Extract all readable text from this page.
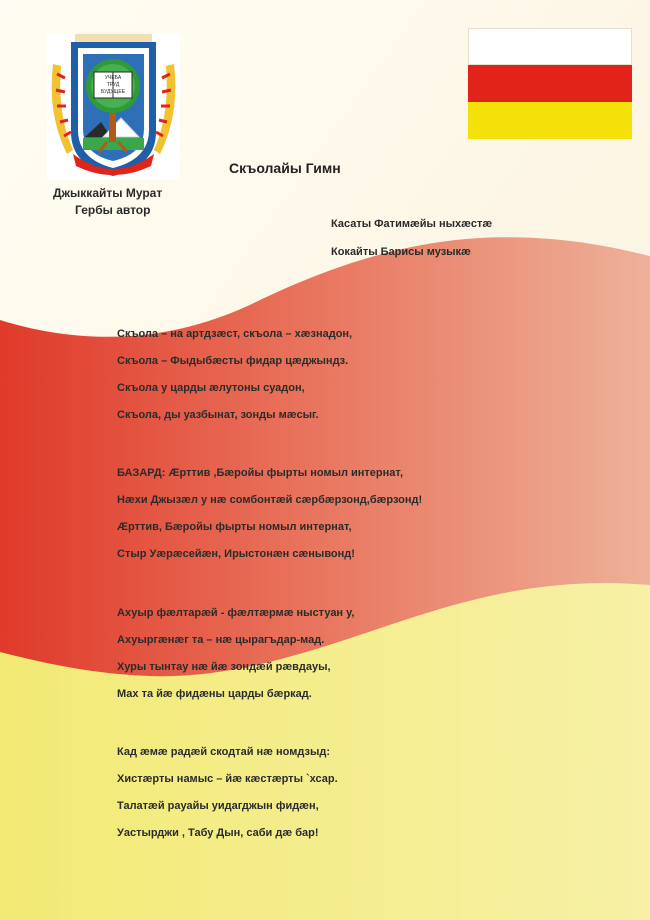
УЧЕБА
ТРУД
БУДУЩЕЕ
Джыккайты Мурат
Гербы автор
Скъолайы Гимн
Касаты Фатимæйы ныхæстæ
Кокайты Барисы музыкæ
Скъола – на артдзæст, скъола – хæзнадон,
Скъола – Фыдыбæсты фидар цæджындз.
Скъола у царды æлутоны суадон,
Скъола, ды уазбынат, зонды мæсыг.
БАЗАРД: Æрттив ,Бæройы фырты номыл интернат,
Нæхи Джызæл у нæ сомбонтæй сæрбæрзонд,бæрзонд!
Æрттив, Бæройы фырты номыл интернат,
Стыр Уæрæсейæн, Ирыстонæн сæнывонд!
Ахуыр фæлтарæй - фæлтæрмæ ныстуан у,
Ахуыргæнæг та – нæ цырагъдар-мад.
Хуры тынтау нæ йæ зондæй рæвдауы,
Мах та йæ фидæны царды бæркад.
Кад æмæ радæй скодтай нæ номдзыд:
Хистæрты намыс – йæ кæстæрты `хсар.
Талатæй рауайы уидагджын фидæн,
Уастырджи , Табу Дын, саби дæ бар!
